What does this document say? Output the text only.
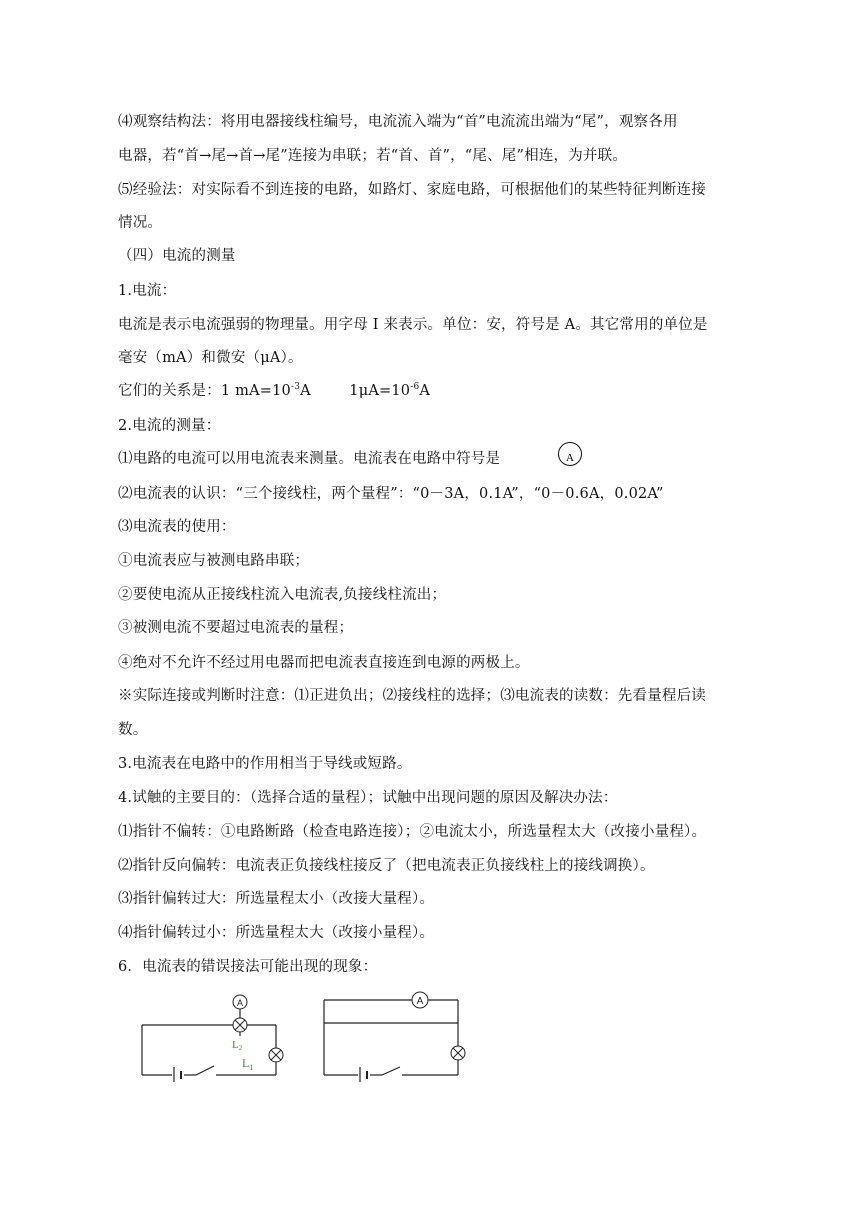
⑷观察结构法：将用电器接线柱编号，电流流入端为“首”电流流出端为“尾”，观察各用
电器，若“首→尾→首→尾”连接为串联；若“首、首”，“尾、尾”相连，为并联。
⑸经验法：对实际看不到连接的电路，如路灯、家庭电路，可根据他们的某些特征判断连接
情况。
（四）电流的测量
1.电流：
电流是表示电流强弱的物理量。用字母 I 来表示。单位：安，符号是 A。其它常用的单位是
毫安（mA）和微安（μA）。
它们的关系是：1 $mA=10^{-3}A$        $1\mu A=10^{-6}A$
2.电流的测量：
⑴电路的电流可以用电流表来测量。电流表在电路中符号是	A
⑵电流表的认识：“三个接线柱，两个量程”：“0－3A，0.1A”，“0－0.6A，0.02A”
⑶电流表的使用：
①电流表应与被测电路串联；
②要使电流从正接线柱流入电流表,负接线柱流出；
③被测电流不要超过电流表的量程；
④绝对不允许不经过用电器而把电流表直接连到电源的两极上。
※实际连接或判断时注意：⑴正进负出；⑵接线柱的选择；⑶电流表的读数：先看量程后读
数。
3.电流表在电路中的作用相当于导线或短路。
4.试触的主要目的：（选择合适的量程）；试触中出现问题的原因及解决办法：
⑴指针不偏转：①电路断路（检查电路连接）；②电流太小，所选量程太大（改接小量程）。
⑵指针反向偏转：电流表正负接线柱接反了（把电流表正负接线柱上的接线调换）。
⑶指针偏转过大：所选量程太小（改接大量程）。
⑷指针偏转过小：所选量程太大（改接小量程）。
6．电流表的错误接法可能出现的现象：
A
L2
$L_1$
A
